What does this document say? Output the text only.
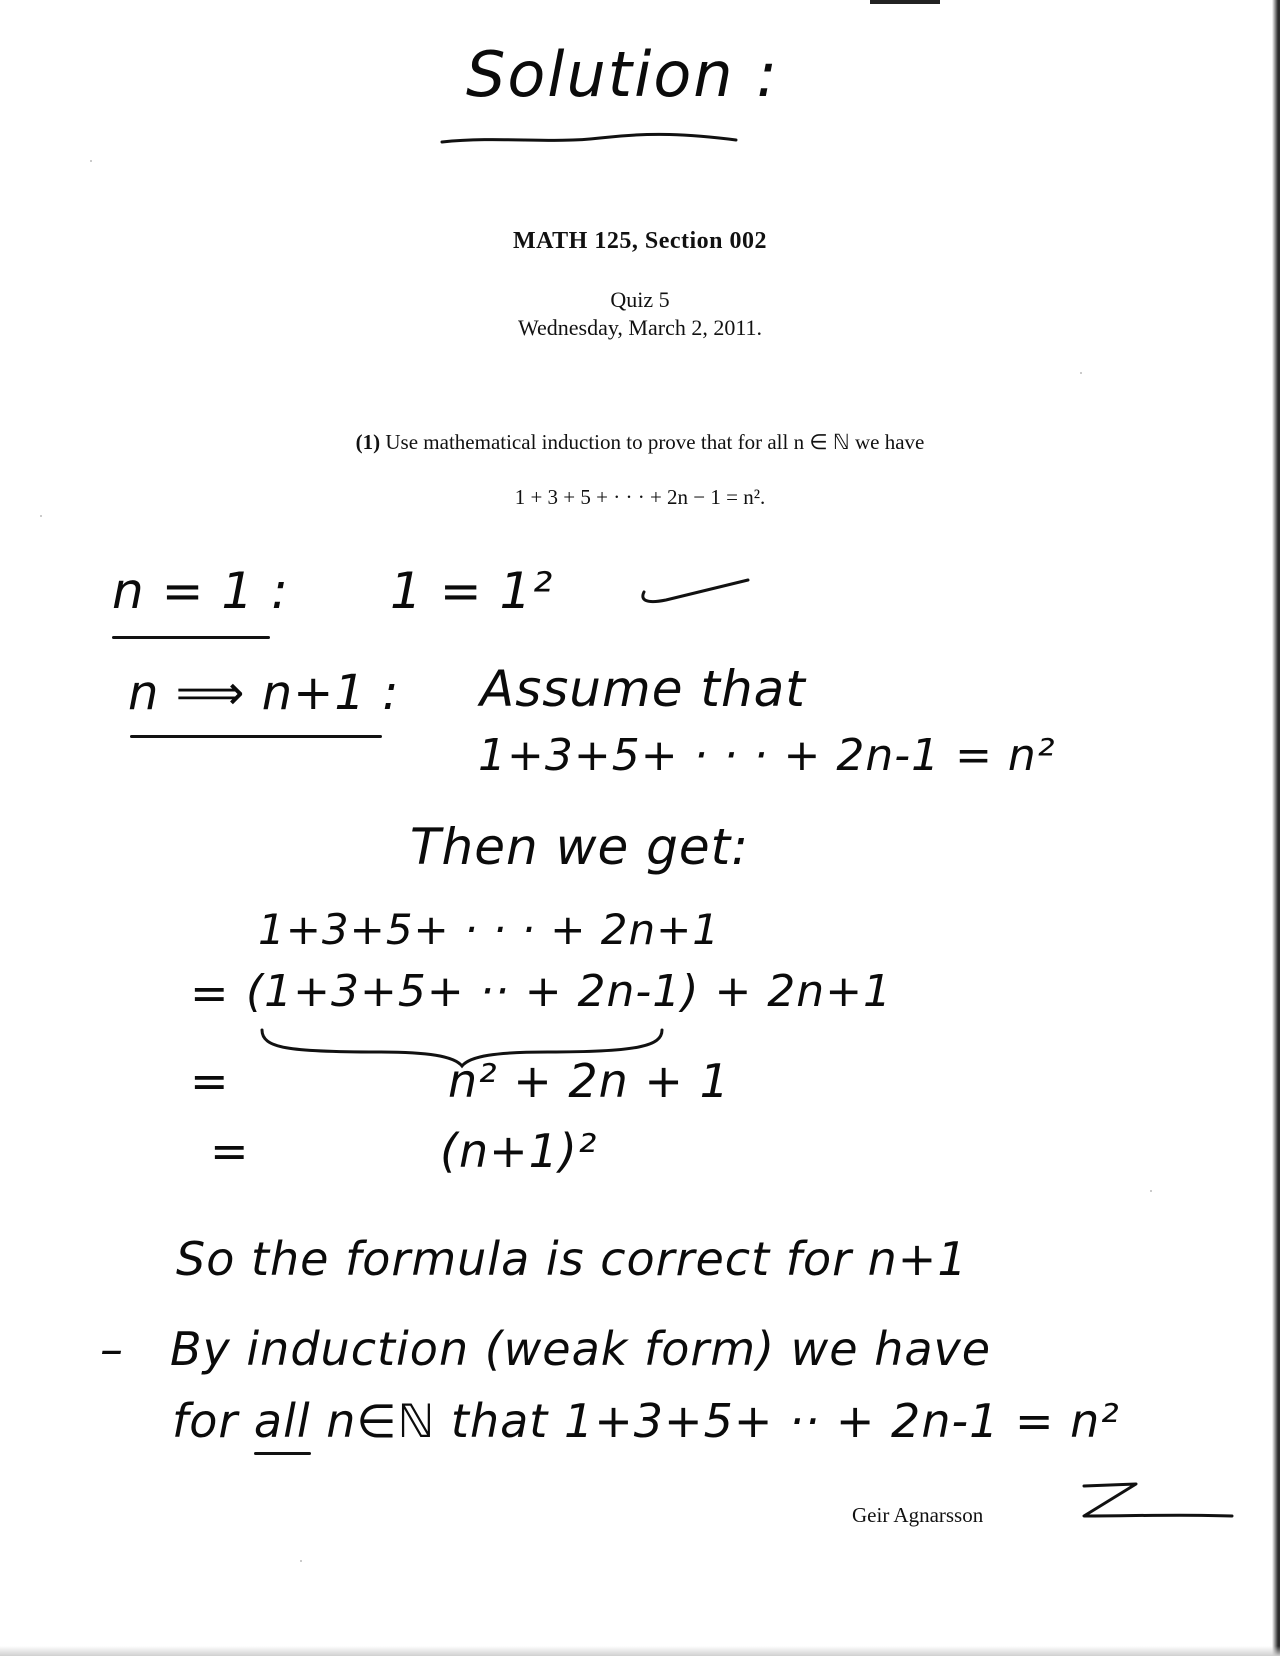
Solution :
MATH 125, Section 002
Quiz 5
Wednesday, March 2, 2011.
(1) Use mathematical induction to prove that for all n ∈ ℕ we have
1 + 3 + 5 + · · · + 2n − 1 = n².
n = 1 : 1 = 1²
n ⟹ n+1 : Assume that
1+3+5+ · · · + 2n-1 = n²
Then we get:
1+3+5+ · · · + 2n+1
= (1+3+5+ ·· + 2n-1) + 2n+1
=	n² + 2n + 1
=	(n+1)²
So the formula is correct for n+1
– By induction (weak form) we have
for all n∈ℕ that 1+3+5+ ·· + 2n-1 = n²
Geir Agnarsson
